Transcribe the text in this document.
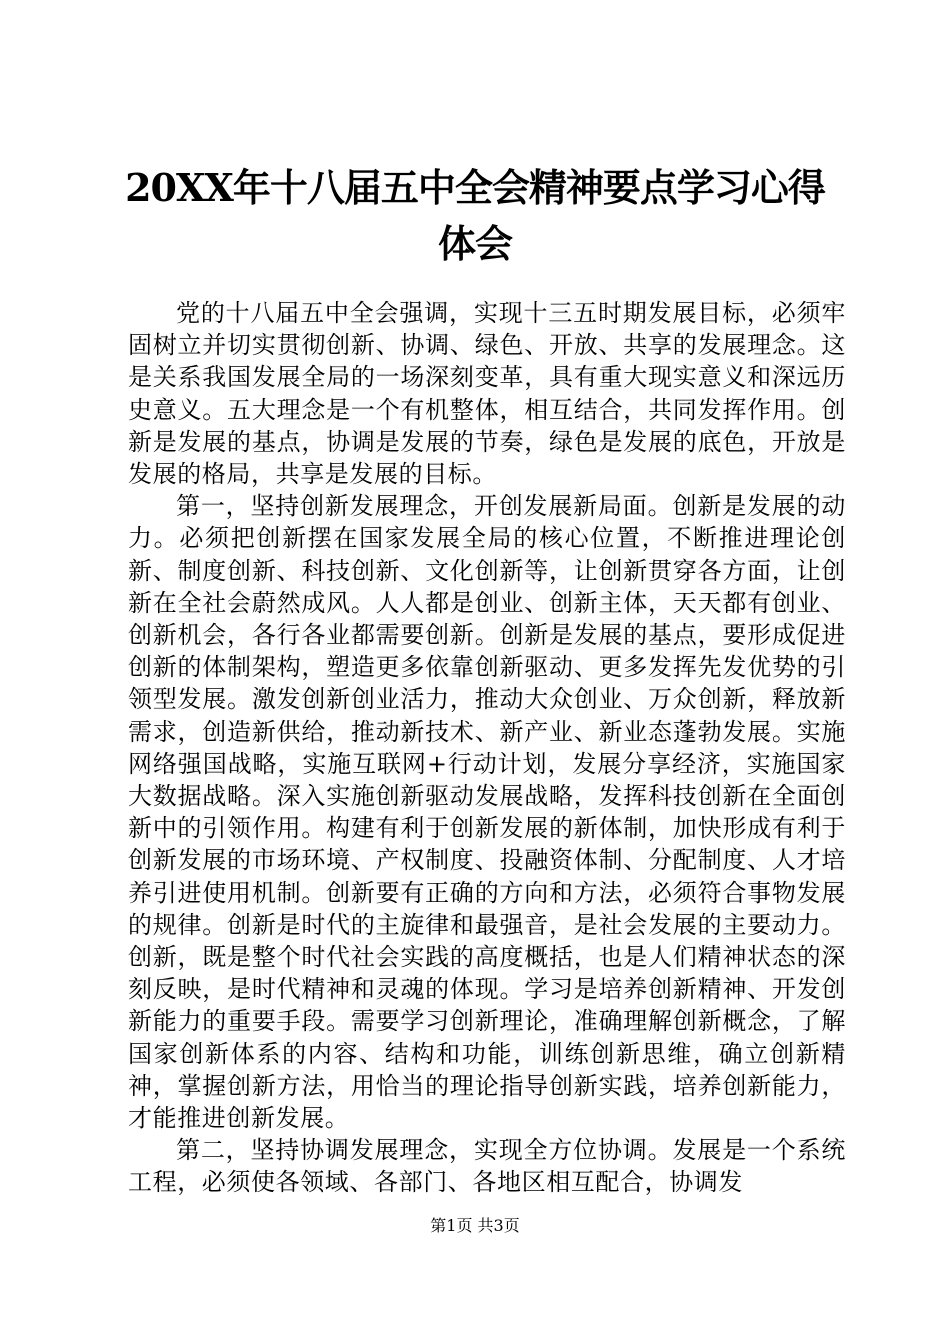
20XX年十八届五中全会精神要点学习心得体会

党的十八届五中全会强调，实现十三五时期发展目标，必须牢固树立并切实贯彻创新、协调、绿色、开放、共享的发展理念。这是关系我国发展全局的一场深刻变革，具有重大现实意义和深远历史意义。五大理念是一个有机整体，相互结合，共同发挥作用。创新是发展的基点，协调是发展的节奏，绿色是发展的底色，开放是发展的格局，共享是发展的目标。

第一，坚持创新发展理念，开创发展新局面。创新是发展的动力。必须把创新摆在国家发展全局的核心位置，不断推进理论创新、制度创新、科技创新、文化创新等，让创新贯穿各方面，让创新在全社会蔚然成风。人人都是创业、创新主体，天天都有创业、创新机会，各行各业都需要创新。创新是发展的基点，要形成促进创新的体制架构，塑造更多依靠创新驱动、更多发挥先发优势的引领型发展。激发创新创业活力，推动大众创业、万众创新，释放新需求，创造新供给，推动新技术、新产业、新业态蓬勃发展。实施网络强国战略，实施互联网+行动计划，发展分享经济，实施国家大数据战略。深入实施创新驱动发展战略，发挥科技创新在全面创新中的引领作用。构建有利于创新发展的新体制，加快形成有利于创新发展的市场环境、产权制度、投融资体制、分配制度、人才培养引进使用机制。创新要有正确的方向和方法，必须符合事物发展的规律。创新是时代的主旋律和最强音，是社会发展的主要动力。创新，既是整个时代社会实践的高度概括，也是人们精神状态的深刻反映，是时代精神和灵魂的体现。学习是培养创新精神、开发创新能力的重要手段。需要学习创新理论，准确理解创新概念，了解国家创新体系的内容、结构和功能，训练创新思维，确立创新精神，掌握创新方法，用恰当的理论指导创新实践，培养创新能力，才能推进创新发展。

第二，坚持协调发展理念，实现全方位协调。发展是一个系统工程，必须使各领域、各部门、各地区相互配合，协调发

第1页 共3页
